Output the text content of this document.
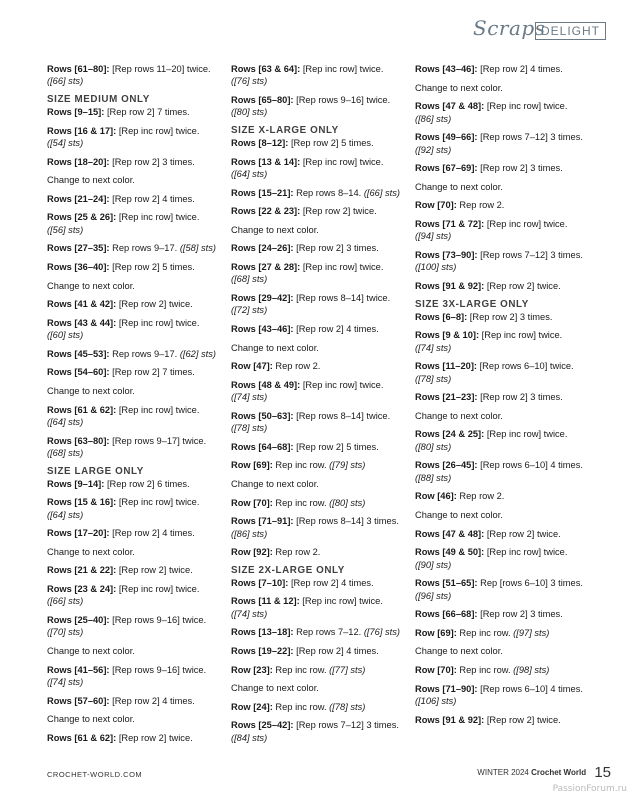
Scraps
DELIGHT
Rows [61–80]: [Rep rows 11–20] twice.
([66] sts)
SIZE MEDIUM ONLY
Rows [9–15]: [Rep row 2] 7 times.
Rows [16 & 17]: [Rep inc row] twice.
([54] sts)
Rows [18–20]: [Rep row 2] 3 times.
Change to next color.
Rows [21–24]: [Rep row 2] 4 times.
Rows [25 & 26]: [Rep inc row] twice.
([56] sts)
Rows [27–35]: Rep rows 9–17. ([58] sts)
Rows [36–40]: [Rep row 2] 5 times.
Change to next color.
Rows [41 & 42]: [Rep row 2] twice.
Rows [43 & 44]: [Rep inc row] twice.
([60] sts)
Rows [45–53]: Rep rows 9–17. ([62] sts)
Rows [54–60]: [Rep row 2] 7 times.
Change to next color.
Rows [61 & 62]: [Rep inc row] twice.
([64] sts)
Rows [63–80]: [Rep rows 9–17] twice.
([68] sts)
SIZE LARGE ONLY
Rows [9–14]: [Rep row 2] 6 times.
Rows [15 & 16]: [Rep inc row] twice.
([64] sts)
Rows [17–20]: [Rep row 2] 4 times.
Change to next color.
Rows [21 & 22]: [Rep row 2] twice.
Rows [23 & 24]: [Rep inc row] twice.
([66] sts)
Rows [25–40]: [Rep rows 9–16] twice.
([70] sts)
Change to next color.
Rows [41–56]: [Rep rows 9–16] twice.
([74] sts)
Rows [57–60]: [Rep row 2] 4 times.
Change to next color.
Rows [61 & 62]: [Rep row 2] twice.
Rows [63 & 64]: [Rep inc row] twice.
([76] sts)
Rows [65–80]: [Rep rows 9–16] twice.
([80] sts)
SIZE X-LARGE ONLY
Rows [8–12]: [Rep row 2] 5 times.
Rows [13 & 14]: [Rep inc row] twice.
([64] sts)
Rows [15–21]: Rep rows 8–14. ([66] sts)
Rows [22 & 23]: [Rep row 2] twice.
Change to next color.
Rows [24–26]: [Rep row 2] 3 times.
Rows [27 & 28]: [Rep inc row] twice.
([68] sts)
Rows [29–42]: [Rep rows 8–14] twice.
([72] sts)
Rows [43–46]: [Rep row 2] 4 times.
Change to next color.
Row [47]: Rep row 2.
Rows [48 & 49]: [Rep inc row] twice.
([74] sts)
Rows [50–63]: [Rep rows 8–14] twice.
([78] sts)
Rows [64–68]: [Rep row 2] 5 times.
Row [69]: Rep inc row. ([79] sts)
Change to next color.
Row [70]: Rep inc row. ([80] sts)
Rows [71–91]: [Rep rows 8–14] 3 times.
([86] sts)
Row [92]: Rep row 2.
SIZE 2X-LARGE ONLY
Rows [7–10]: [Rep row 2] 4 times.
Rows [11 & 12]: [Rep inc row] twice.
([74] sts)
Rows [13–18]: Rep rows 7–12. ([76] sts)
Rows [19–22]: [Rep row 2] 4 times.
Row [23]: Rep inc row. ([77] sts)
Change to next color.
Row [24]: Rep inc row. ([78] sts)
Rows [25–42]: [Rep rows 7–12] 3 times.
([84] sts)
Rows [43–46]: [Rep row 2] 4 times.
Change to next color.
Rows [47 & 48]: [Rep inc row] twice.
([86] sts)
Rows [49–66]: [Rep rows 7–12] 3 times.
([92] sts)
Rows [67–69]: [Rep row 2] 3 times.
Change to next color.
Row [70]: Rep row 2.
Rows [71 & 72]: [Rep inc row] twice.
([94] sts)
Rows [73–90]: [Rep rows 7–12] 3 times.
([100] sts)
Rows [91 & 92]: [Rep row 2] twice.
SIZE 3X-LARGE ONLY
Rows [6–8]: [Rep row 2] 3 times.
Rows [9 & 10]: [Rep inc row] twice.
([74] sts)
Rows [11–20]: [Rep rows 6–10] twice.
([78] sts)
Rows [21–23]: [Rep row 2] 3 times.
Change to next color.
Rows [24 & 25]: [Rep inc row] twice.
([80] sts)
Rows [26–45]: [Rep rows 6–10] 4 times.
([88] sts)
Row [46]: Rep row 2.
Change to next color.
Rows [47 & 48]: [Rep row 2] twice.
Rows [49 & 50]: [Rep inc row] twice.
([90] sts)
Rows [51–65]: Rep [rows 6–10] 3 times.
([96] sts)
Rows [66–68]: [Rep row 2] 3 times.
Row [69]: Rep inc row. ([97] sts)
Change to next color.
Row [70]: Rep inc row. ([98] sts)
Rows [71–90]: [Rep rows 6–10] 4 times.
([106] sts)
Rows [91 & 92]: [Rep row 2] twice.
CROCHET-WORLD.COM	WINTER 2024 Crochet World 15
PassionForum.ru
